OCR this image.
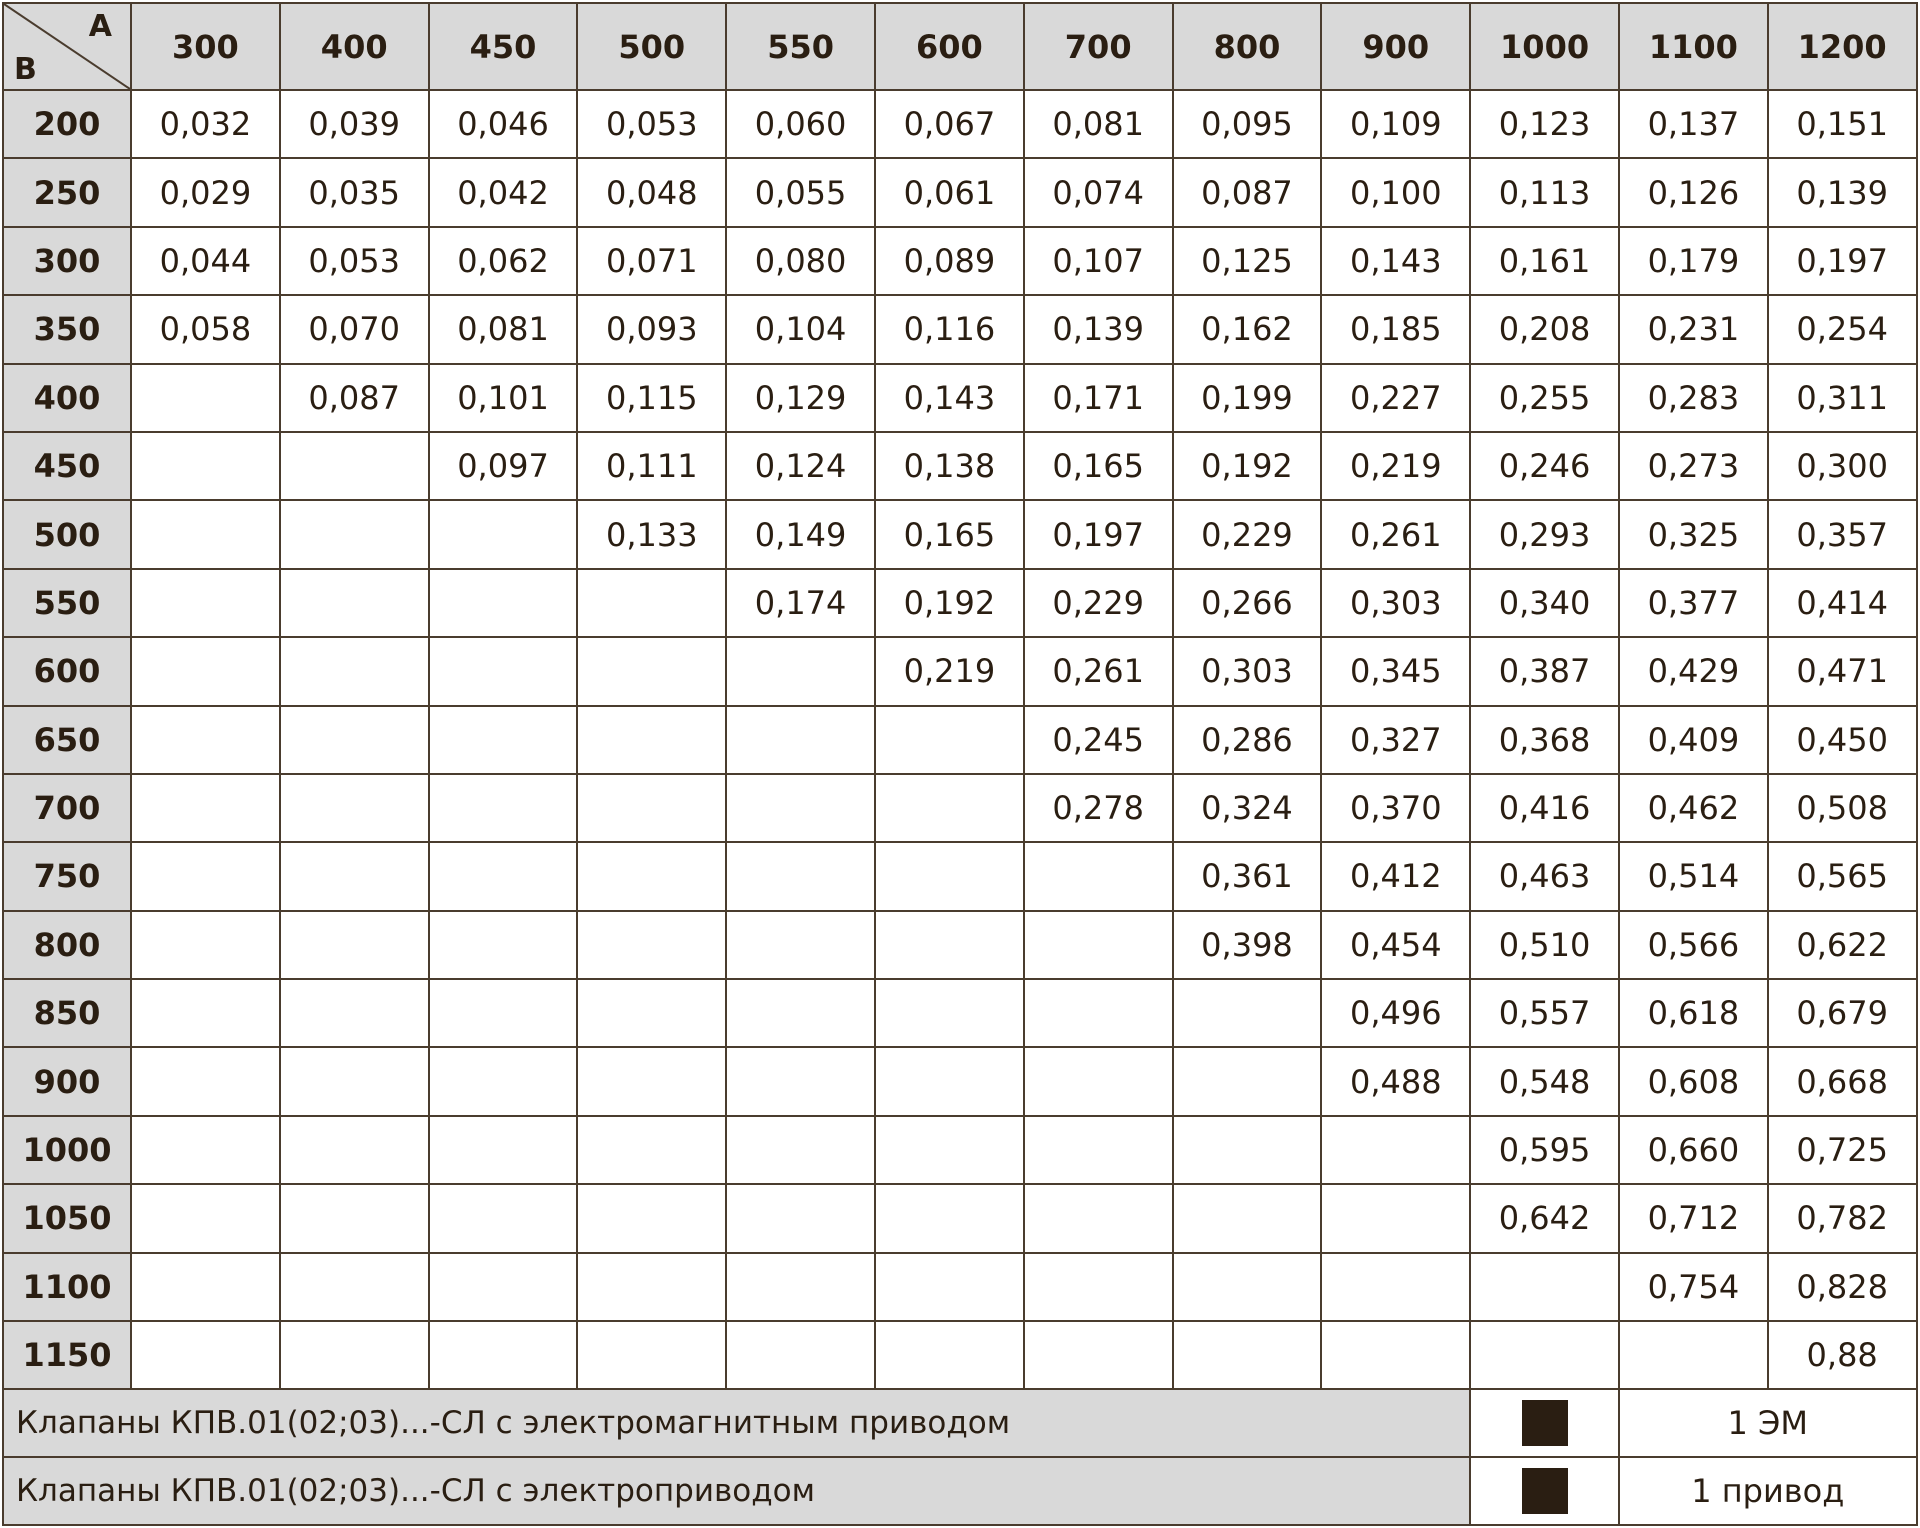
A
B	300	400	450	500	550	600	700	800	900	1000	1100	1200
200	0,032	0,039	0,046	0,053	0,060	0,067	0,081	0,095	0,109	0,123	0,137	0,151
250	0,029	0,035	0,042	0,048	0,055	0,061	0,074	0,087	0,100	0,113	0,126	0,139
300	0,044	0,053	0,062	0,071	0,080	0,089	0,107	0,125	0,143	0,161	0,179	0,197
350	0,058	0,070	0,081	0,093	0,104	0,116	0,139	0,162	0,185	0,208	0,231	0,254
400		0,087	0,101	0,115	0,129	0,143	0,171	0,199	0,227	0,255	0,283	0,311
450			0,097	0,111	0,124	0,138	0,165	0,192	0,219	0,246	0,273	0,300
500				0,133	0,149	0,165	0,197	0,229	0,261	0,293	0,325	0,357
550					0,174	0,192	0,229	0,266	0,303	0,340	0,377	0,414
600						0,219	0,261	0,303	0,345	0,387	0,429	0,471
650							0,245	0,286	0,327	0,368	0,409	0,450
700							0,278	0,324	0,370	0,416	0,462	0,508
750								0,361	0,412	0,463	0,514	0,565
800								0,398	0,454	0,510	0,566	0,622
850									0,496	0,557	0,618	0,679
900									0,488	0,548	0,608	0,668
1000										0,595	0,660	0,725
1050										0,642	0,712	0,782
1100											0,754	0,828
1150												0,88
Клапаны КПВ.01(02;03)...-СЛ с электромагнитным приводом											1 ЭМ	
Клапаны КПВ.01(02;03)...-СЛ с электроприводом											1 привод	
